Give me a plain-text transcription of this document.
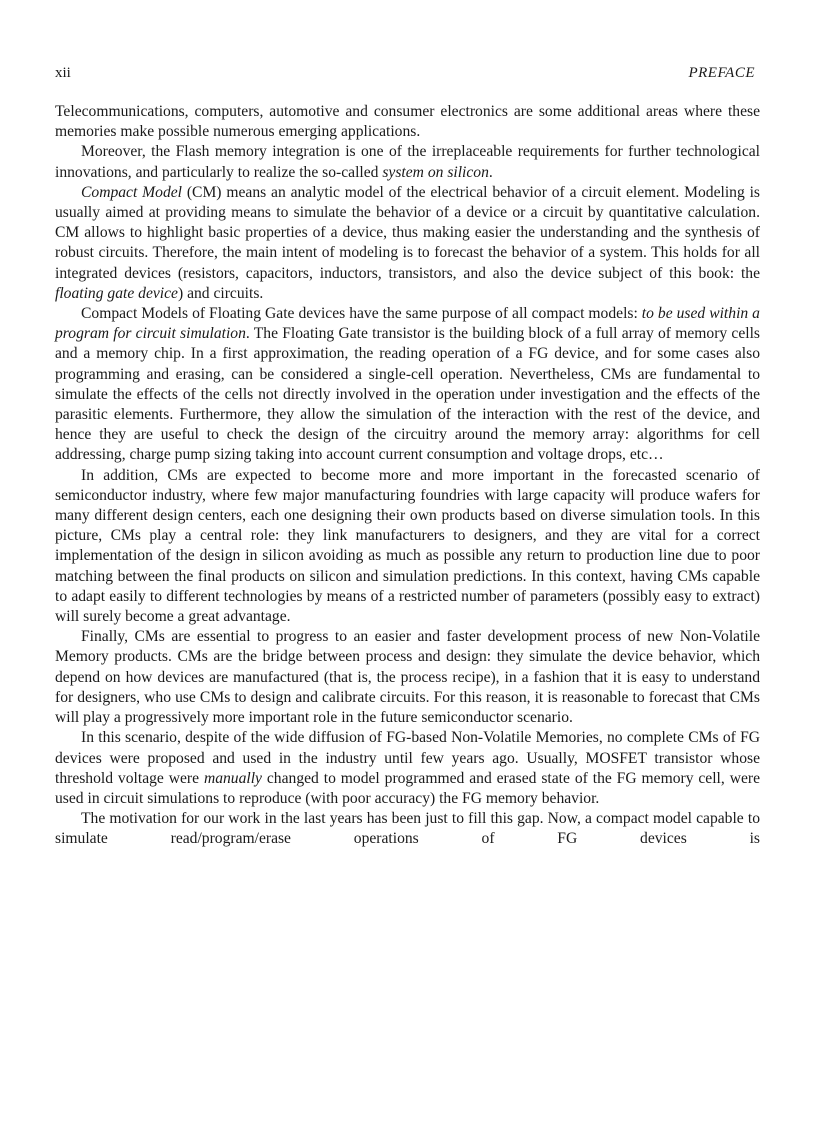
xii	PREFACE

Telecommunications, computers, automotive and consumer electronics are some additional areas where these memories make possible numerous emerging applications.

Moreover, the Flash memory integration is one of the irreplaceable requirements for further technological innovations, and particularly to realize the so-called system on silicon.

Compact Model (CM) means an analytic model of the electrical behavior of a circuit element. Modeling is usually aimed at providing means to simulate the behavior of a device or a circuit by quantitative calculation. CM allows to highlight basic properties of a device, thus making easier the understanding and the synthesis of robust circuits. Therefore, the main intent of modeling is to forecast the behavior of a system. This holds for all integrated devices (resistors, capacitors, inductors, transistors, and also the device subject of this book: the floating gate device) and circuits.

Compact Models of Floating Gate devices have the same purpose of all compact models: to be used within a program for circuit simulation. The Floating Gate transistor is the building block of a full array of memory cells and a memory chip. In a first approximation, the reading operation of a FG device, and for some cases also programming and erasing, can be considered a single-cell operation. Nevertheless, CMs are fundamental to simulate the effects of the cells not directly involved in the operation under investigation and the effects of the parasitic elements. Furthermore, they allow the simulation of the interaction with the rest of the device, and hence they are useful to check the design of the circuitry around the memory array: algorithms for cell addressing, charge pump sizing taking into account current consumption and voltage drops, etc…

In addition, CMs are expected to become more and more important in the forecasted scenario of semiconductor industry, where few major manufacturing foundries with large capacity will produce wafers for many different design centers, each one designing their own products based on diverse simulation tools. In this picture, CMs play a central role: they link manufacturers to designers, and they are vital for a correct implementation of the design in silicon avoiding as much as possible any return to production line due to poor matching between the final products on silicon and simulation predictions. In this context, having CMs capable to adapt easily to different technologies by means of a restricted number of parameters (possibly easy to extract) will surely become a great advantage.

Finally, CMs are essential to progress to an easier and faster development process of new Non-Volatile Memory products. CMs are the bridge between process and design: they simulate the device behavior, which depend on how devices are manufactured (that is, the process recipe), in a fashion that it is easy to understand for designers, who use CMs to design and calibrate circuits. For this reason, it is reasonable to forecast that CMs will play a progressively more important role in the future semiconductor scenario.

In this scenario, despite of the wide diffusion of FG-based Non-Volatile Memories, no complete CMs of FG devices were proposed and used in the industry until few years ago. Usually, MOSFET transistor whose threshold voltage were manually changed to model programmed and erased state of the FG memory cell, were used in circuit simulations to reproduce (with poor accuracy) the FG memory behavior.

The motivation for our work in the last years has been just to fill this gap. Now, a compact model capable to simulate read/program/erase operations of FG devices is
